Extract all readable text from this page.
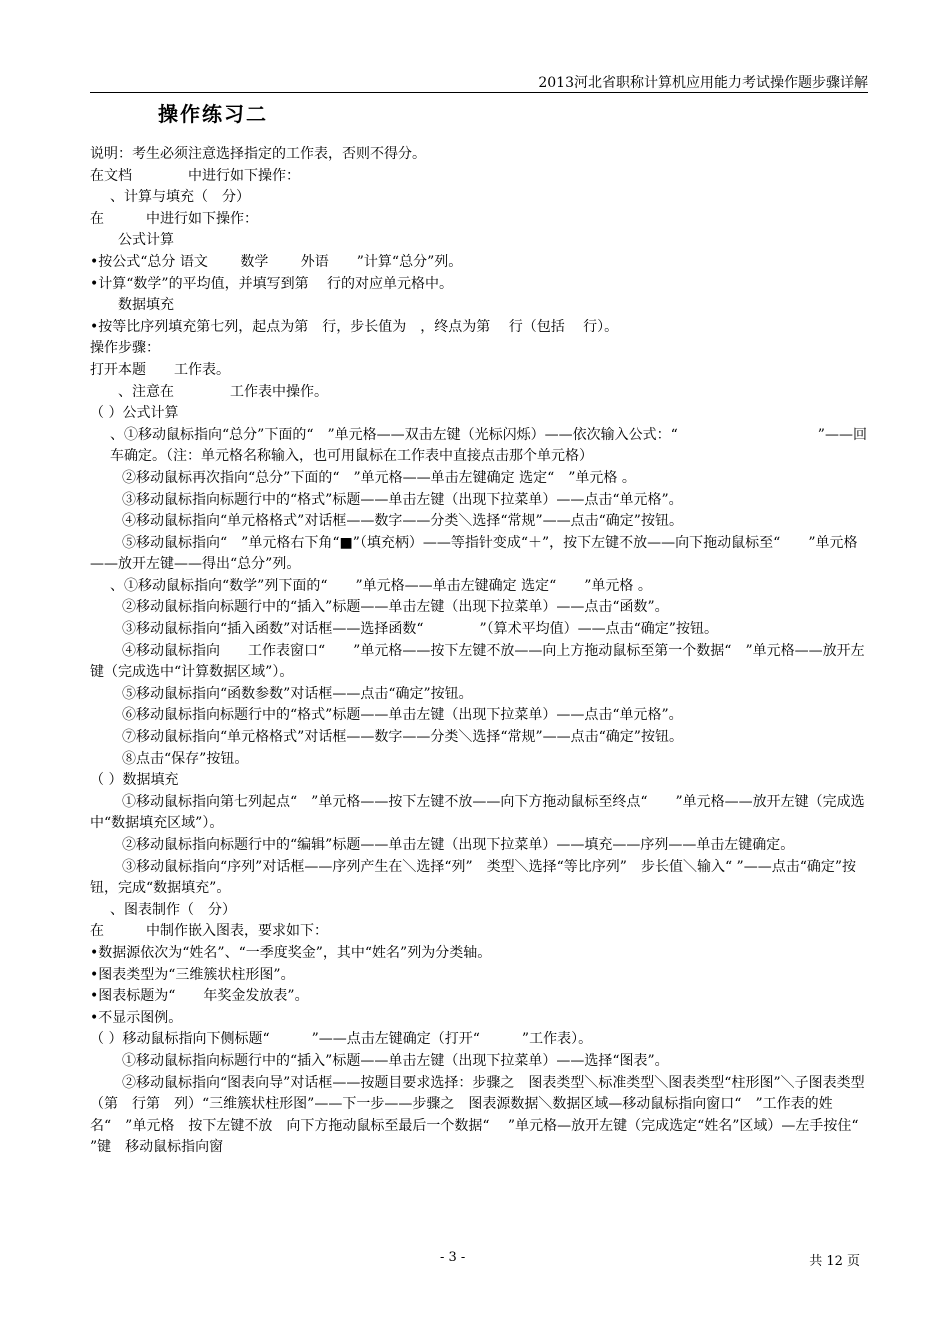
2013河北省职称计算机应用能力考试操作题步骤详解
操作练习二

说明：考生必须注意选择指定的工作表，否则不得分。

在文档　　　　中进行如下操作：

、计算与填充（　分）

在　　　中进行如下操作：

公式计算

•按公式“总分 语文　　 数学　　 外语　　”计算“总分”列。

•计算“数学”的平均值，并填写到第　 行的对应单元格中。

数据填充

•按等比序列填充第七列，起点为第　行，步长值为　，终点为第　 行（包括　 行）。

操作步骤：

打开本题　　工作表。

、注意在　　　　工作表中操作。

（ ）公式计算

、①移动鼠标指向“总分”下面的“　”单元格——双击左键（光标闪烁）——依次输入公式：“　　　　　　　　　　”——回车确定。（注：单元格名称输入，也可用鼠标在工作表中直接点击那个单元格）

②移动鼠标再次指向“总分”下面的“　”单元格——单击左键确定 选定“　”单元格 。

③移动鼠标指向标题行中的“格式”标题——单击左键（出现下拉菜单）——点击“单元格”。

④移动鼠标指向“单元格格式”对话框——数字——分类＼选择“常规”——点击“确定”按钮。

⑤移动鼠标指向“　”单元格右下角“■”（填充柄）——等指针变成“＋”，按下左键不放——向下拖动鼠标至“　　”单元格——放开左键——得出“总分”列。

、①移动鼠标指向“数学”列下面的“　　”单元格——单击左键确定 选定“　　”单元格 。

②移动鼠标指向标题行中的“插入”标题——单击左键（出现下拉菜单）——点击“函数”。

③移动鼠标指向“插入函数”对话框——选择函数“　　　　”（算术平均值）——点击“确定”按钮。

④移动鼠标指向　　工作表窗口“　　”单元格——按下左键不放——向上方拖动鼠标至第一个数据“　”单元格——放开左键（完成选中“计算数据区域”）。

⑤移动鼠标指向“函数参数”对话框——点击“确定”按钮。

⑥移动鼠标指向标题行中的“格式”标题——单击左键（出现下拉菜单）——点击“单元格”。

⑦移动鼠标指向“单元格格式”对话框——数字——分类＼选择“常规”——点击“确定”按钮。

⑧点击“保存”按钮。

（ ）数据填充

①移动鼠标指向第七列起点“　”单元格——按下左键不放——向下方拖动鼠标至终点“　　”单元格——放开左键（完成选中“数据填充区域”）。

②移动鼠标指向标题行中的“编辑”标题——单击左键（出现下拉菜单）——填充——序列——单击左键确定。

③移动鼠标指向“序列”对话框——序列产生在＼选择“列”　类型＼选择“等比序列”　步长值＼输入“ ”——点击“确定”按钮，完成“数据填充”。

、图表制作（　分）

在　　　中制作嵌入图表，要求如下：

•数据源依次为“姓名”、“一季度奖金”，其中“姓名”列为分类轴。

•图表类型为“三维簇状柱形图”。

•图表标题为“　　年奖金发放表”。

•不显示图例。

（ ）移动鼠标指向下侧标题“　　　”——点击左键确定（打开“　　　”工作表）。

①移动鼠标指向标题行中的“插入”标题——单击左键（出现下拉菜单）——选择“图表”。

②移动鼠标指向“图表向导”对话框——按题目要求选择：步骤之　图表类型＼标准类型＼图表类型“柱形图”＼子图表类型（第　行第　列）“三维簇状柱形图”——下一步——步骤之　图表源数据＼数据区域—移动鼠标指向窗口“　”工作表的姓名“　”单元格　按下左键不放　向下方拖动鼠标至最后一个数据“　 ”单元格—放开左键（完成选定“姓名”区域）—左手按住“　　”键　移动鼠标指向窗

- 3 -	共 12 页
